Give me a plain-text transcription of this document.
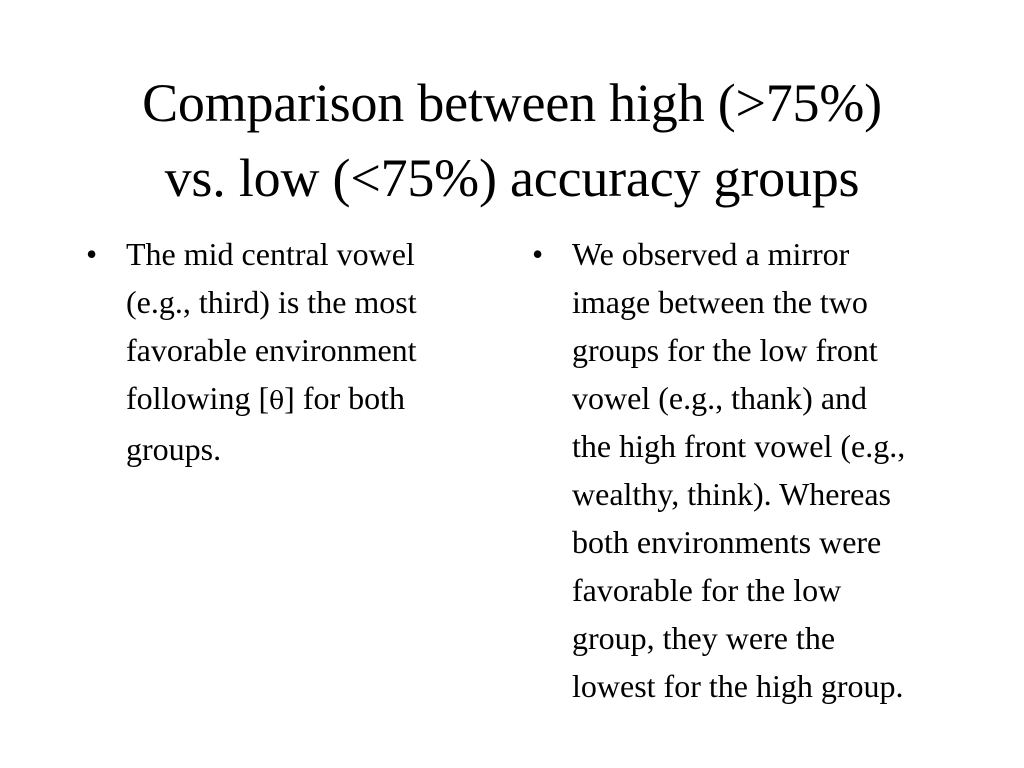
Comparison between high (>75%)
vs. low (<75%) accuracy groups
• The mid central vowel
(e.g., third) is the most
favorable environment
following [θ] for both
groups.
• We observed a mirror
image between the two
groups for the low front
vowel (e.g., thank) and
the high front vowel (e.g.,
wealthy, think). Whereas
both environments were
favorable for the low
group, they were the
lowest for the high group.
